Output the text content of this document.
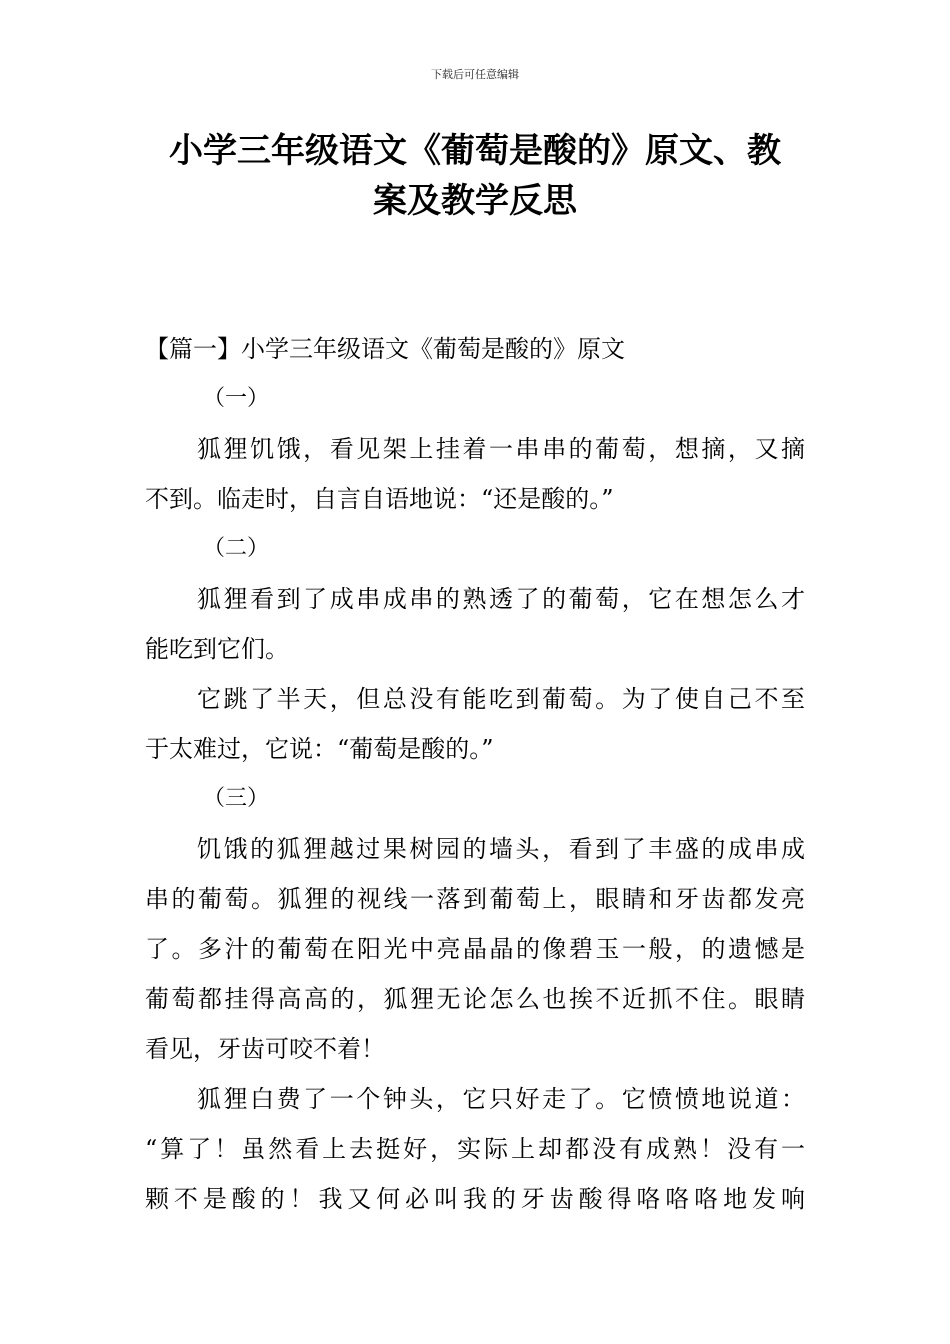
下载后可任意编辑
小学三年级语文《葡萄是酸的》原文、教
案及教学反思
【篇一】小学三年级语文《葡萄是酸的》原文
（一）
狐狸饥饿，看见架上挂着一串串的葡萄，想摘，又摘
不到。临走时，自言自语地说：“还是酸的。”
（二）
狐狸看到了成串成串的熟透了的葡萄，它在想怎么才
能吃到它们。
它跳了半天，但总没有能吃到葡萄。为了使自己不至
于太难过，它说：“葡萄是酸的。”
（三）
饥饿的狐狸越过果树园的墙头，看到了丰盛的成串成
串的葡萄。狐狸的视线一落到葡萄上，眼睛和牙齿都发亮
了。多汁的葡萄在阳光中亮晶晶的像碧玉一般，的遗憾是
葡萄都挂得高高的，狐狸无论怎么也挨不近抓不住。眼睛
看见，牙齿可咬不着！
狐狸白费了一个钟头，它只好走了。它愤愤地说道：
“算了！虽然看上去挺好，实际上却都没有成熟！没有一
颗不是酸的！我又何必叫我的牙齿酸得咯咯咯地发响
